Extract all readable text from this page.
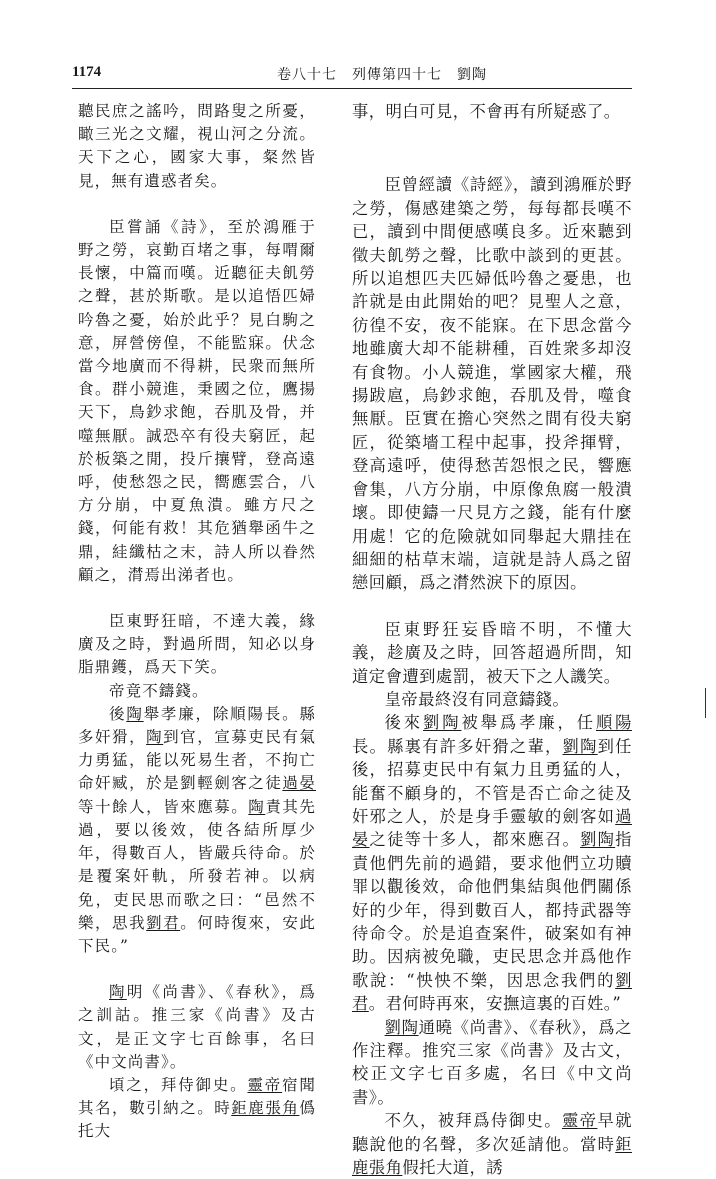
1174	卷八十七　列傳第四十七　劉陶

聽民庶之謠吟，問路叟之所憂，瞰三光之文耀，視山河之分流。天下之心，國家大事，粲然皆見，無有遺惑者矣。

臣嘗誦《詩》，至於鴻雁于野之勞，哀勤百堵之事，每喟爾長懷，中篇而嘆。近聽征夫飢勞之聲，甚於斯歌。是以追悟匹婦吟魯之憂，始於此乎？見白駒之意，屏營傍偟，不能監寐。伏念當今地廣而不得耕，民衆而無所食。群小競進，秉國之位，鷹揚天下，鳥鈔求飽，吞肌及骨，并噬無厭。誠恐卒有役夫窮匠，起於板築之閒，投斤攘臂，登高遠呼，使愁怨之民，嚮應雲合，八方分崩，中夏魚潰。雖方尺之錢，何能有救！其危猶舉函牛之鼎，絓纖枯之末，詩人所以眷然顧之，潸焉出涕者也。

臣東野狂暗，不達大義，緣廣及之時，對過所問，知必以身脂鼎鑊，爲天下笑。

帝竟不鑄錢。

後陶舉孝廉，除順陽長。縣多奸猾，陶到官，宣募吏民有氣力勇猛，能以死易生者，不拘亡命奸臧，於是劉輕劍客之徒過晏等十餘人，皆來應募。陶責其先過，要以後效，使各結所厚少年，得數百人，皆嚴兵待命。於是覆案奸軌，所發若神。以病免，吏民思而歌之曰：“邑然不樂，思我劉君。何時復來，安此下民。”

陶明《尚書》、《春秋》，爲之訓詁。推三家《尚書》及古文，是正文字七百餘事，名曰《中文尚書》。

頃之，拜侍御史。靈帝宿聞其名，數引納之。時鉅鹿張角僞托大

事，明白可見，不會再有所疑惑了。

臣曾經讀《詩經》，讀到鴻雁於野之勞，傷感建築之勞，每每都長嘆不已，讀到中間便感嘆良多。近來聽到徵夫飢勞之聲，比歌中談到的更甚。所以追想匹夫匹婦低吟魯之憂患，也許就是由此開始的吧？見聖人之意，彷徨不安，夜不能寐。在下思念當今地雖廣大却不能耕種，百姓衆多却沒有食物。小人競進，掌國家大權，飛揚跋扈，烏鈔求飽，吞肌及骨，噬食無厭。臣實在擔心突然之間有役夫窮匠，從築墻工程中起事，投斧揮臂，登高遠呼，使得愁苦怨恨之民，響應會集，八方分崩，中原像魚腐一般潰壞。即使鑄一尺見方之錢，能有什麼用處！它的危險就如同舉起大鼎挂在細細的枯草末端，這就是詩人爲之留戀回顧，爲之潸然淚下的原因。

臣東野狂妄昏暗不明，不懂大義，趁廣及之時，回答超過所問，知道定會遭到處罰，被天下之人譏笑。

皇帝最終沒有同意鑄錢。

後來劉陶被舉爲孝廉，任順陽長。縣裏有許多奸猾之輩，劉陶到任後，招募吏民中有氣力且勇猛的人，能奮不顧身的，不管是否亡命之徒及奸邪之人，於是身手靈敏的劍客如過晏之徒等十多人，都來應召。劉陶指責他們先前的過錯，要求他們立功贖罪以觀後效，命他們集結與他們關係好的少年，得到數百人，都持武器等待命令。於是追查案件，破案如有神助。因病被免職，吏民思念并爲他作歌說：“怏怏不樂，因思念我們的劉君。君何時再來，安撫這裏的百姓。”

劉陶通曉《尚書》、《春秋》，爲之作注釋。推究三家《尚書》及古文，校正文字七百多處，名曰《中文尚書》。

不久，被拜爲侍御史。靈帝早就聽說他的名聲，多次延請他。當時鉅鹿張角假托大道，誘
